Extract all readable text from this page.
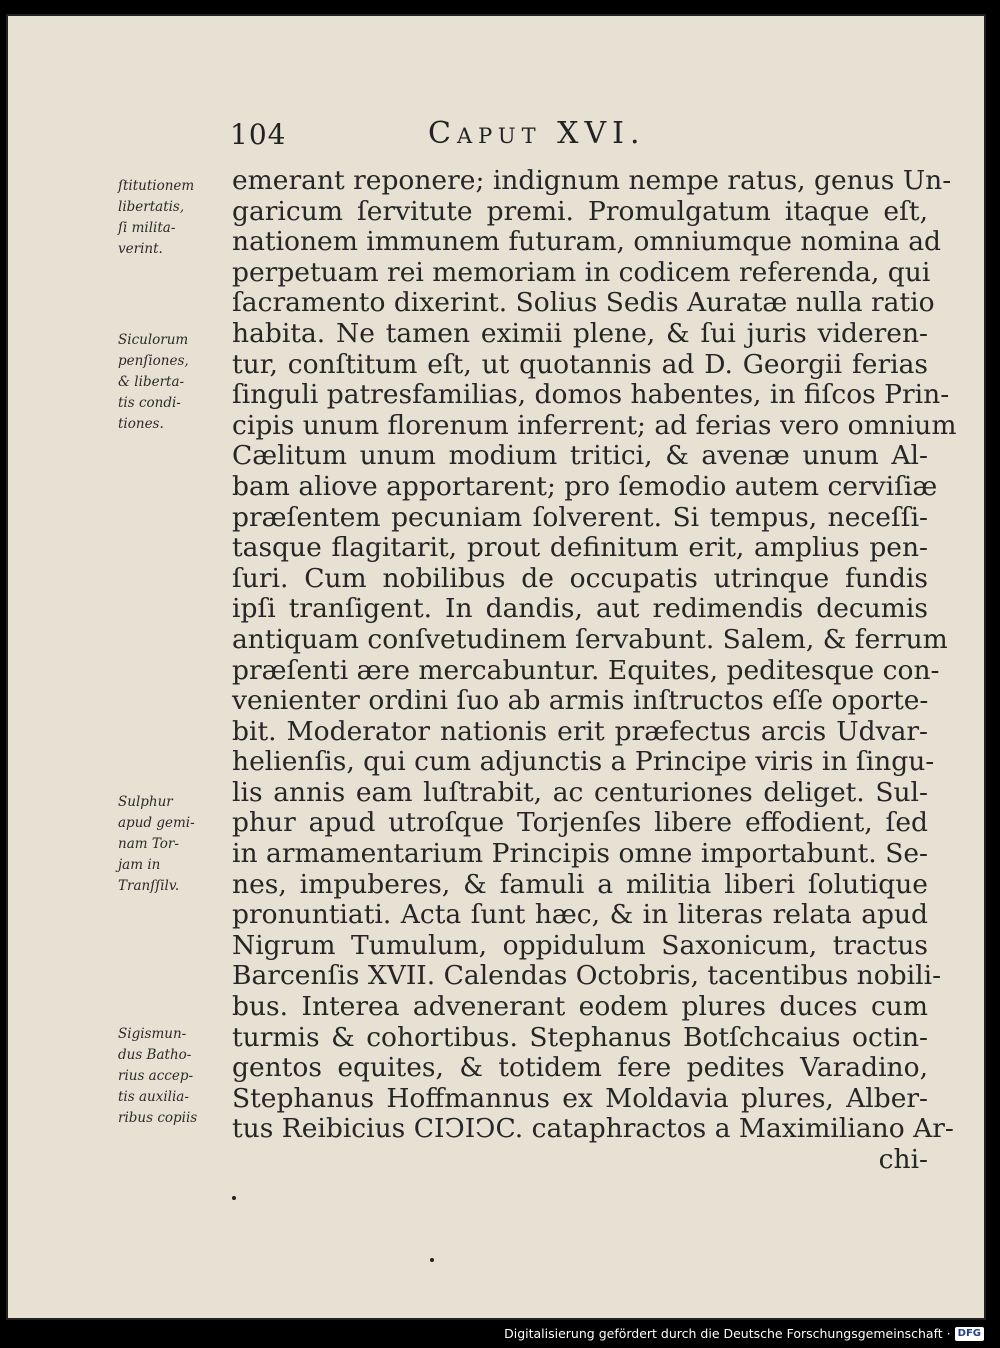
104	Caput XVI.
ſtitutionem
libertatis,
ſi milita-
verint.
Siculorum
penſiones,
& liberta-
tis condi-
tiones.
Sulphur
apud gemi-
nam Tor-
jam in
Tranſſilv.
Sigismun-
dus Batho-
rius accep-
tis auxilia-
ribus copiis
emerant reponere; indignum nempe ratus, genus Un-
garicum ſervitute premi. Promulgatum itaque eſt,
nationem immunem futuram, omniumque nomina ad
perpetuam rei memoriam in codicem referenda, qui
ſacramento dixerint. Solius Sedis Auratæ nulla ratio
habita. Ne tamen eximii plene, & ſui juris videren-
tur, conſtitum eſt, ut quotannis ad D. Georgii ferias
ſinguli patresfamilias, domos habentes, in fiſcos Prin-
cipis unum florenum inferrent; ad ferias vero omnium
Cælitum unum modium tritici, & avenæ unum Al-
bam aliove apportarent; pro ſemodio autem cerviſiæ
præſentem pecuniam ſolverent. Si tempus, neceſſi-
tasque flagitarit, prout definitum erit, amplius pen-
ſuri. Cum nobilibus de occupatis utrinque fundis
ipſi tranſigent. In dandis, aut redimendis decumis
antiquam conſvetudinem ſervabunt. Salem, & ferrum
præſenti ære mercabuntur. Equites, peditesque con-
venienter ordini ſuo ab armis inſtructos eſſe oporte-
bit. Moderator nationis erit præfectus arcis Udvar-
helienſis, qui cum adjunctis a Principe viris in ſingu-
lis annis eam luſtrabit, ac centuriones deliget. Sul-
phur apud utroſque Torjenſes libere effodient, ſed
in armamentarium Principis omne importabunt. Se-
nes, impuberes, & famuli a militia liberi ſolutique
pronuntiati. Acta ſunt hæc, & in literas relata apud
Nigrum Tumulum, oppidulum Saxonicum, tractus
Barcenſis XVII. Calendas Octobris, tacentibus nobili-
bus. Interea advenerant eodem plures duces cum
turmis & cohortibus. Stephanus Botſchcaius octin-
gentos equites, & totidem fere pedites Varadino,
Stephanus Hoffmannus ex Moldavia plures, Alber-
tus Reibicius CIϽIϽC. cataphractos a Maximiliano Ar-
chi-
Digitalisierung gefördert durch die Deutsche Forschungsgemeinschaft · DFG
